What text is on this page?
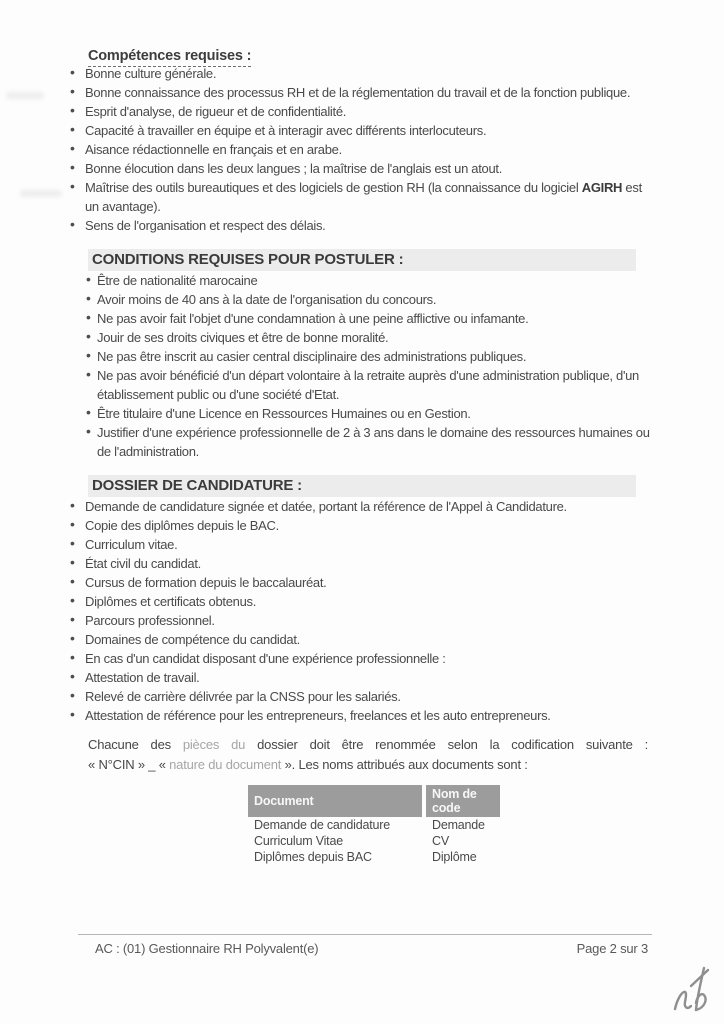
Compétences requises :
• Bonne culture générale.
• Bonne connaissance des processus RH et de la réglementation du travail et de la fonction publique.
• Esprit d'analyse, de rigueur et de confidentialité.
• Capacité à travailler en équipe et à interagir avec différents interlocuteurs.
• Aisance rédactionnelle en français et en arabe.
• Bonne élocution dans les deux langues ; la maîtrise de l'anglais est un atout.
• Maîtrise des outils bureautiques et des logiciels de gestion RH (la connaissance du logiciel AGIRH est un avantage).
• Sens de l'organisation et respect des délais.
CONDITIONS REQUISES POUR POSTULER :
• Être de nationalité marocaine
• Avoir moins de 40 ans à la date de l'organisation du concours.
• Ne pas avoir fait l'objet d'une condamnation à une peine afflictive ou infamante.
• Jouir de ses droits civiques et être de bonne moralité.
• Ne pas être inscrit au casier central disciplinaire des administrations publiques.
• Ne pas avoir bénéficié d'un départ volontaire à la retraite auprès d'une administration publique, d'un établissement public ou d'une société d'Etat.
• Être titulaire d'une Licence en Ressources Humaines ou en Gestion.
• Justifier d'une expérience professionnelle de 2 à 3 ans dans le domaine des ressources humaines ou de l'administration.
DOSSIER DE CANDIDATURE :
• Demande de candidature signée et datée, portant la référence de l'Appel à Candidature.
• Copie des diplômes depuis le BAC.
• Curriculum vitae.
• État civil du candidat.
• Cursus de formation depuis le baccalauréat.
• Diplômes et certificats obtenus.
• Parcours professionnel.
• Domaines de compétence du candidat.
• En cas d'un candidat disposant d'une expérience professionnelle :
• Attestation de travail.
• Relevé de carrière délivrée par la CNSS pour les salariés.
• Attestation de référence pour les entrepreneurs, freelances et les auto entrepreneurs.
Chacune des pièces du dossier doit être renommée selon la codification suivante :
« N°CIN » _ « nature du document ». Les noms attribués aux documents sont :
Document	Nom de code
Demande de candidature	Demande
Curriculum Vitae	CV
Diplômes depuis BAC	Diplôme
AC : (01) Gestionnaire RH Polyvalent(e)	Page 2 sur 3
